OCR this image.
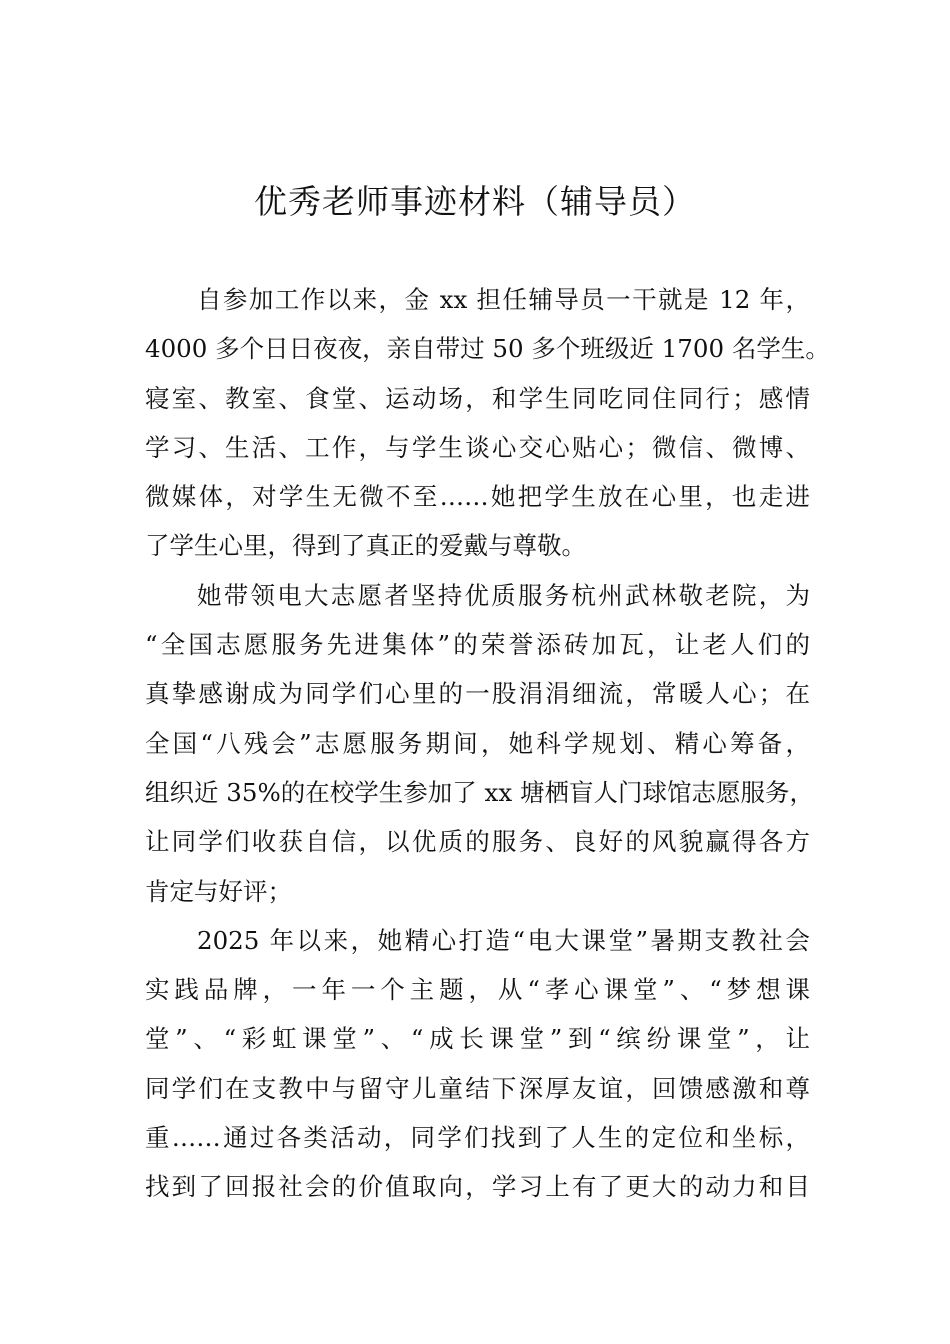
优秀老师事迹材料（辅导员）
自参加工作以来，金 xx 担任辅导员一干就是 12 年，
4000 多个日日夜夜，亲自带过 50 多个班级近 1700 名学生。
寝室、教室、食堂、运动场，和学生同吃同住同行；感情
学习、生活、工作，与学生谈心交心贴心；微信、微博、
微媒体，对学生无微不至……她把学生放在心里，也走进
了学生心里，得到了真正的爱戴与尊敬。
她带领电大志愿者坚持优质服务杭州武林敬老院，为
“全国志愿服务先进集体”的荣誉添砖加瓦，让老人们的
真挚感谢成为同学们心里的一股涓涓细流，常暖人心；在
全国“八残会”志愿服务期间，她科学规划、精心筹备，
组织近 35%的在校学生参加了 xx 塘栖盲人门球馆志愿服务，
让同学们收获自信，以优质的服务、良好的风貌赢得各方
肯定与好评；
2025 年以来，她精心打造“电大课堂”暑期支教社会
实践品牌，一年一个主题，从“孝心课堂”、“梦想课
堂”、“彩虹课堂”、“成长课堂”到“缤纷课堂”，让
同学们在支教中与留守儿童结下深厚友谊，回馈感激和尊
重……通过各类活动，同学们找到了人生的定位和坐标，
找到了回报社会的价值取向，学习上有了更大的动力和目
